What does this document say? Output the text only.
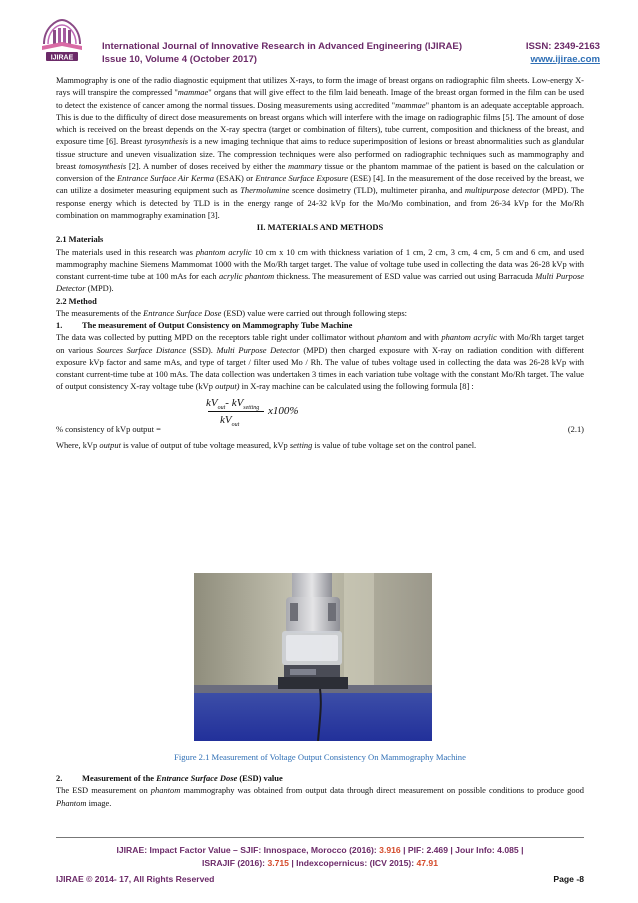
IJIRAE
International Journal of Innovative Research in Advanced Engineering (IJIRAE)	ISSN: 2349-2163
Issue 10, Volume 4 (October 2017)	www.ijirae.com

Mammography is one of the radio diagnostic equipment that utilizes X-rays, to form the image of breast organs on radiographic film sheets. Low-energy X-rays will transpire the compressed "mammae" organs that will give effect to the film laid beneath. Image of the breast organ formed in the film can be used to detect the existence of cancer among the normal tissues. Dosing measurements using accredited "mammae" phantom is an adequate acceptable approach. This is due to the difficulty of direct dose measurements on breast organs which will interfere with the image on radiographic films [5]. The amount of dose which is received on the breast depends on the X-ray spectra (target or combination of filters), tube current, composition and thickness of the breast, and exposure time [6]. Breast tyrosynthesis is a new imaging technique that aims to reduce superimposition of lesions or breast abnormalities such as glandular tissue structure and uneven visualization size. The compression techniques were also performed on radiographic techniques such as mammography and breast tomosynthesis [2]. A number of doses received by either the mammary tissue or the phantom mammae of the patient is based on the calculation or conversion of the Entrance Surface Air Kerma (ESAK) or Entrance Surface Exposure (ESE) [4]. In the measurement of the dose received by the breast, we can utilize a dosimeter measuring equipment such as Thermolumine scence dosimetry (TLD), multimeter piranha, and multipurpose detector (MPD). The response energy which is detected by TLD is in the energy range of 24-32 kVp for the Mo/Mo combination, and from 26-34 kVp for the Mo/Rh combination on mammography examination [3].

II. MATERIALS AND METHODS

2.1 Materials

The materials used in this research was phantom acrylic 10 cm x 10 cm with thickness variation of 1 cm, 2 cm, 3 cm, 4 cm, 5 cm and 6 cm, and used mammography machine Siemens Mammomat 1000 with the Mo/Rh target target. The value of voltage tube used in collecting the data was 26-28 kVp with constant current-time tube at 100 mAs for each acrylic phantom thickness. The measurement of ESD value was carried out using Barracuda Multi Purpose Detector (MPD).

2.2 Method

The measurements of the Entrance Surface Dose (ESD) value were carried out through following steps:

1. The measurement of Output Consistency on Mammography Tube Machine

The data was collected by putting MPD on the receptors table right under collimator without phantom and with phantom acrylic with Mo/Rh target target on various Sources Surface Distance (SSD). Multi Purpose Detector (MPD) then charged exposure with X-ray on radiation condition with different exposure kVp factor and same mAs, and type of target / filter used Mo / Rh. The value of tubes voltage used in collecting the data was 26-28 kVp with constant current-time tube at 100 mAs. The data collection was undertaken 3 times in each variation tube voltage with the constant Mo/Rh target. The value of output consistency X-ray voltage tube (kVp output) in X-ray machine can be calculated using the following formula [8] :

$kV_{out}-$ $kV_{setting}$ x100%
$kV_{out}$
% consistency of kVp output =	(2.1)

Where, kVp output is value of output of tube voltage measured, kVp setting is value of tube voltage set on the control panel.

Figure 2.1 Measurement of Voltage Output Consistency On Mammography Machine

2. Measurement of the Entrance Surface Dose (ESD) value

The ESD measurement on phantom mammography was obtained from output data through direct measurement on possible conditions to produce good Phantom image.

IJIRAE: Impact Factor Value – SJIF: Innospace, Morocco (2016): 3.916 | PIF: 2.469 | Jour Info: 4.085 |
ISRAJIF (2016): 3.715 | Indexcopernicus: (ICV 2015): 47.91
IJIRAE © 2014- 17, All Rights Reserved	Page -8
